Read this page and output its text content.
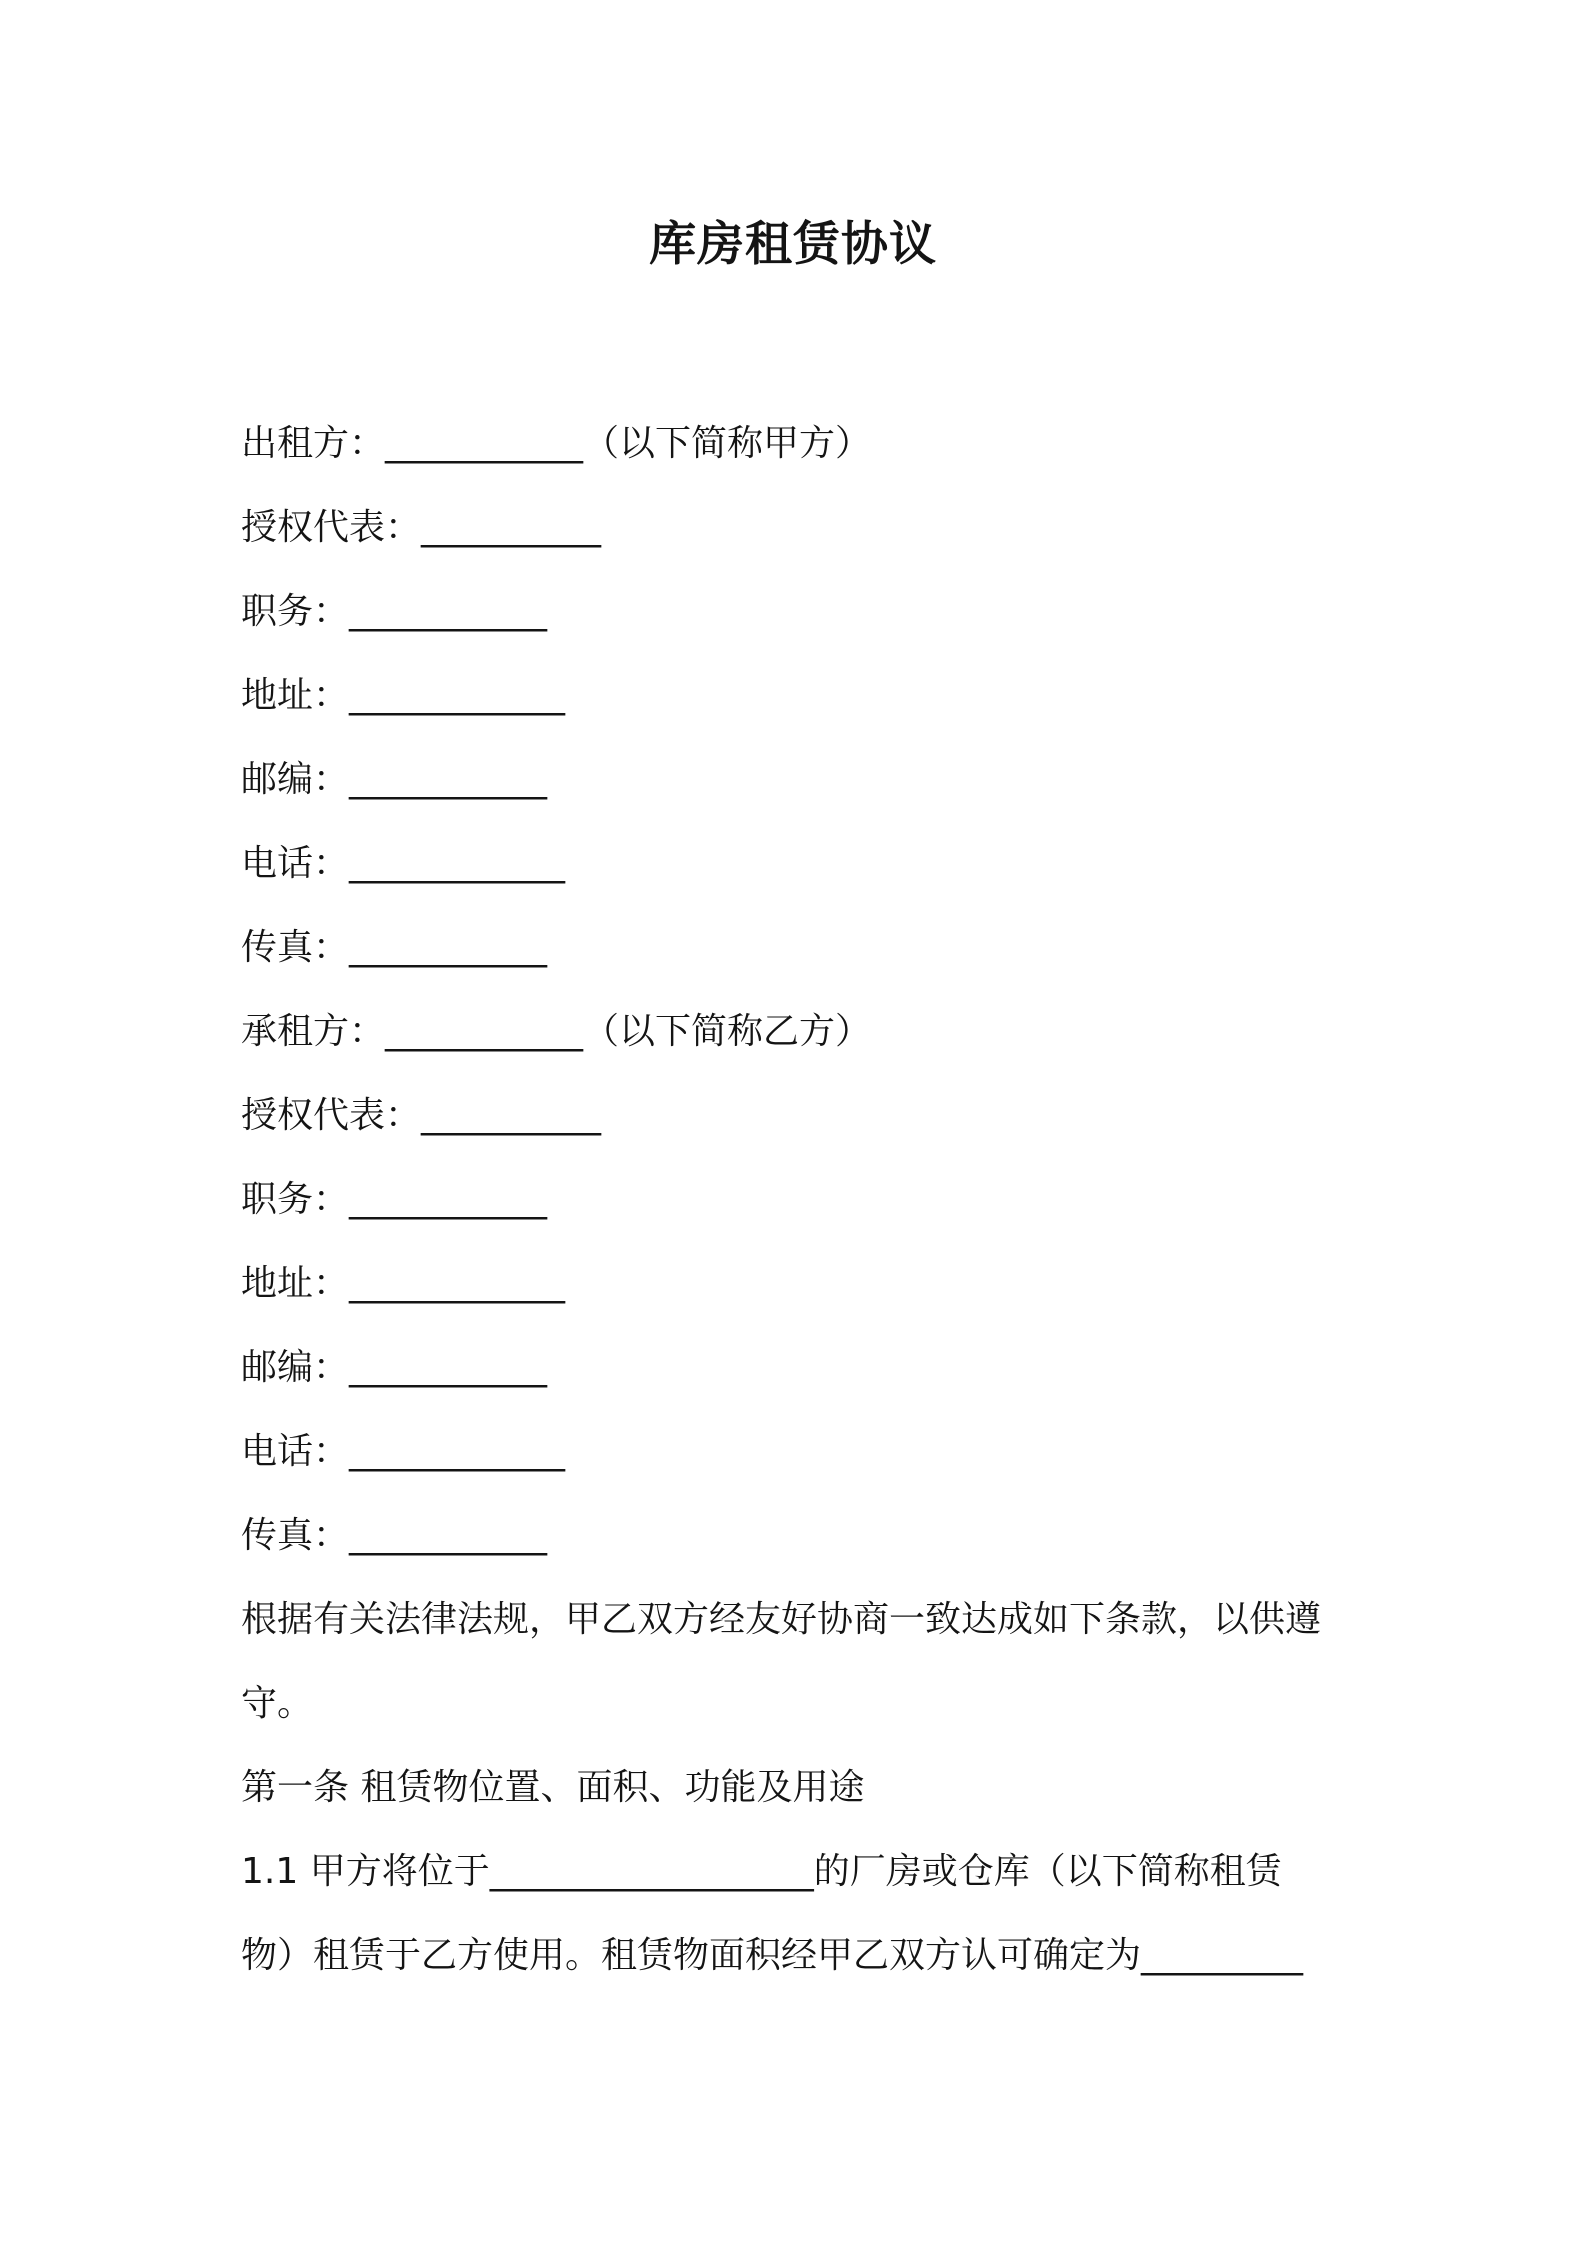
库房租赁协议
出租方：___________（以下简称甲方）
授权代表：__________
职务：___________
地址：____________
邮编：___________
电话：____________
传真：___________
承租方：___________（以下简称乙方）
授权代表：__________
职务：___________
地址：____________
邮编：___________
电话：____________
传真：___________
根据有关法律法规，甲乙双方经友好协商一致达成如下条款，以供遵
守。
第一条 租赁物位置、面积、功能及用途
1.1 甲方将位于__________________的厂房或仓库（以下简称租赁
物）租赁于乙方使用。租赁物面积经甲乙双方认可确定为_________
